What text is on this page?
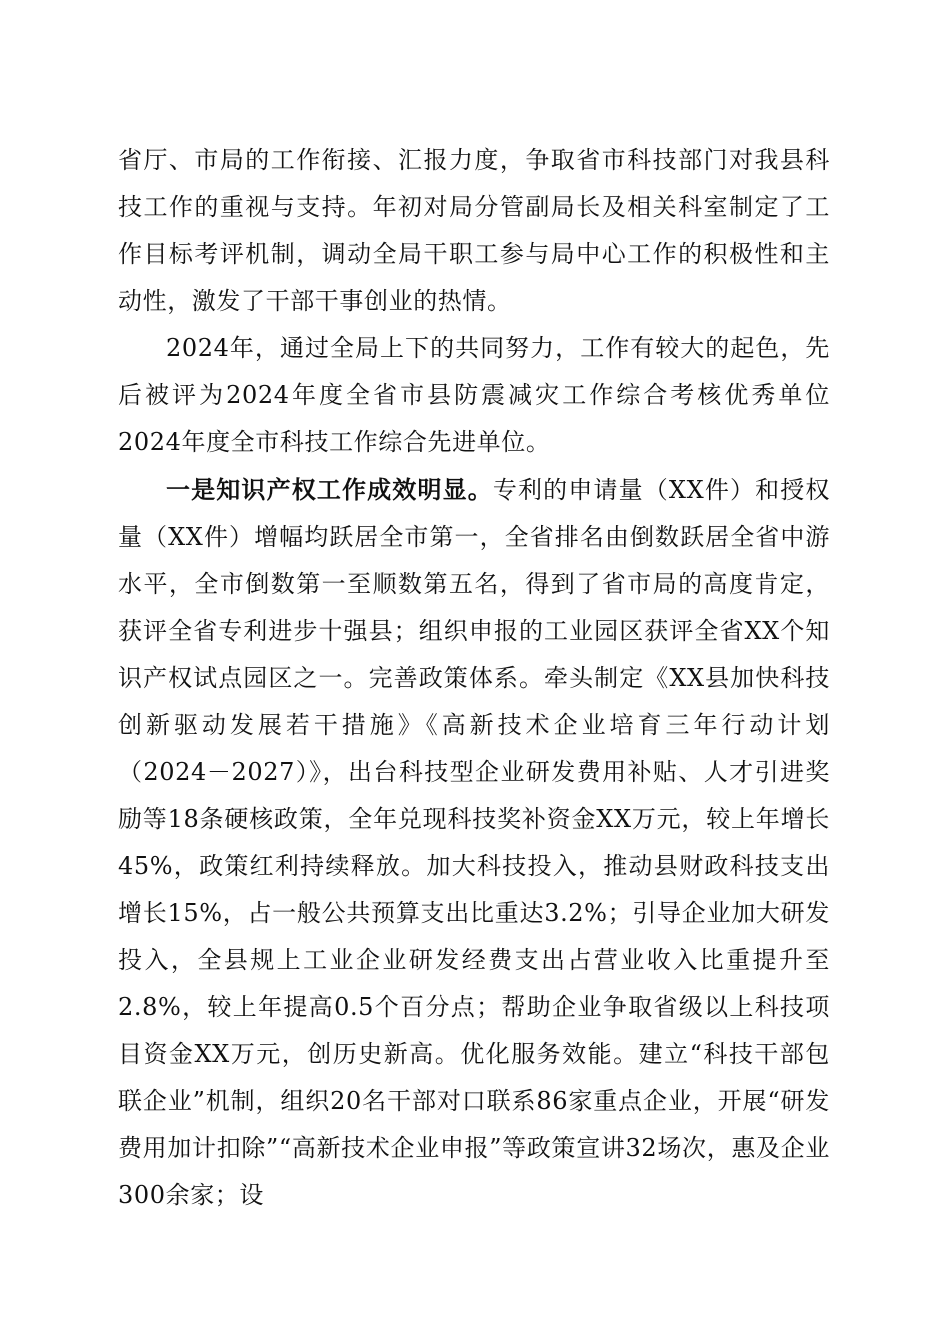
省厅、市局的工作衔接、汇报力度，争取省市科技部门对我县科技工作的重视与支持。年初对局分管副局长及相关科室制定了工作目标考评机制，调动全局干职工参与局中心工作的积极性和主动性，激发了干部干事创业的热情。

2024年，通过全局上下的共同努力，工作有较大的起色，先后被评为2024年度全省市县防震减灾工作综合考核优秀单位2024年度全市科技工作综合先进单位。

一是知识产权工作成效明显。专利的申请量（XX件）和授权量（XX件）增幅均跃居全市第一，全省排名由倒数跃居全省中游水平，全市倒数第一至顺数第五名，得到了省市局的高度肯定，获评全省专利进步十强县；组织申报的工业园区获评全省XX个知识产权试点园区之一。完善政策体系。牵头制定《XX县加快科技创新驱动发展若干措施》《高新技术企业培育三年行动计划（2024－2027）》，出台科技型企业研发费用补贴、人才引进奖励等18条硬核政策，全年兑现科技奖补资金XX万元，较上年增长45%，政策红利持续释放。加大科技投入，推动县财政科技支出增长15%，占一般公共预算支出比重达3.2%；引导企业加大研发投入，全县规上工业企业研发经费支出占营业收入比重提升至2.8%，较上年提高0.5个百分点；帮助企业争取省级以上科技项目资金XX万元，创历史新高。优化服务效能。建立“科技干部包联企业”机制，组织20名干部对口联系86家重点企业，开展“研发费用加计扣除”“高新技术企业申报”等政策宣讲32场次，惠及企业300余家；设
